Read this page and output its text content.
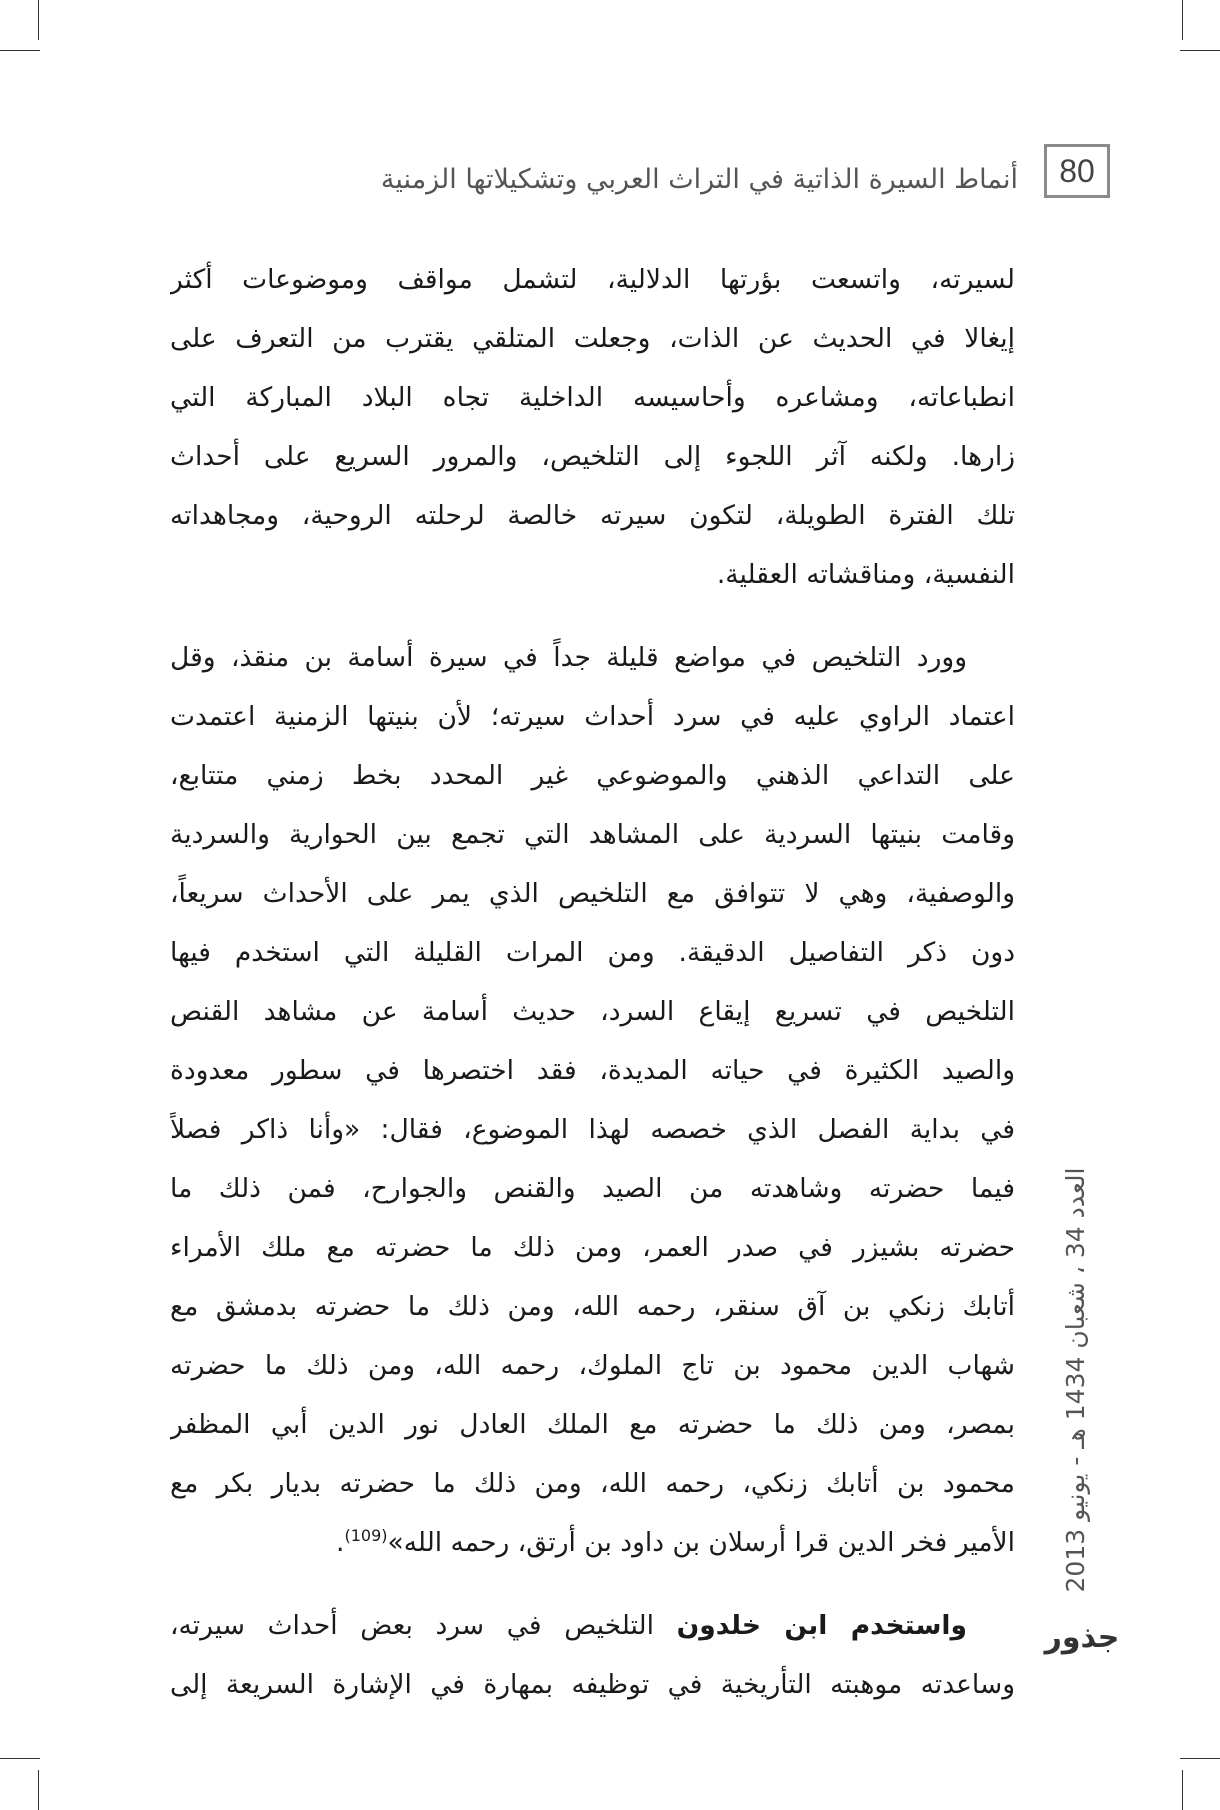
أنماط السيرة الذاتية في التراث العربي وتشكيلاتها الزمنية	80
لسيرته، واتسعت بؤرتها الدلالية، لتشمل مواقف وموضوعات أكثر
إيغالا في الحديث عن الذات، وجعلت المتلقي يقترب من التعرف على
انطباعاته، ومشاعره وأحاسيسه الداخلية تجاه البلاد المباركة التي
زارها. ولكنه آثر اللجوء إلى التلخيص، والمرور السريع على أحداث
تلك الفترة الطويلة، لتكون سيرته خالصة لرحلته الروحية، ومجاهداته
النفسية، ومناقشاته العقلية.
وورد التلخيص في مواضع قليلة جداً في سيرة أسامة بن منقذ، وقل
اعتماد الراوي عليه في سرد أحداث سيرته؛ لأن بنيتها الزمنية اعتمدت
على التداعي الذهني والموضوعي غير المحدد بخط زمني متتابع،
وقامت بنيتها السردية على المشاهد التي تجمع بين الحوارية والسردية
والوصفية، وهي لا تتوافق مع التلخيص الذي يمر على الأحداث سريعاً،
دون ذكر التفاصيل الدقيقة. ومن المرات القليلة التي استخدم فيها
التلخيص في تسريع إيقاع السرد، حديث أسامة عن مشاهد القنص
والصيد الكثيرة في حياته المديدة، فقد اختصرها في سطور معدودة
في بداية الفصل الذي خصصه لهذا الموضوع، فقال: «وأنا ذاكر فصلاً
فيما حضرته وشاهدته من الصيد والقنص والجوارح، فمن ذلك ما
حضرته بشيزر في صدر العمر، ومن ذلك ما حضرته مع ملك الأمراء
أتابك زنكي بن آق سنقر، رحمه الله، ومن ذلك ما حضرته بدمشق مع
شهاب الدين محمود بن تاج الملوك، رحمه الله، ومن ذلك ما حضرته
بمصر، ومن ذلك ما حضرته مع الملك العادل نور الدين أبي المظفر
محمود بن أتابك زنكي، رحمه الله، ومن ذلك ما حضرته بديار بكر مع
الأمير فخر الدين قرا أرسلان بن داود بن أرتق، رحمه الله»$^{(109)}$.
واستخدم ابن خلدون التلخيص في سرد بعض أحداث سيرته،
وساعدته موهبته التأريخية في توظيفه بمهارة في الإشارة السريعة إلى
العدد 34 ، شعبان 1434 هـ - يونيو 2013
جذور
